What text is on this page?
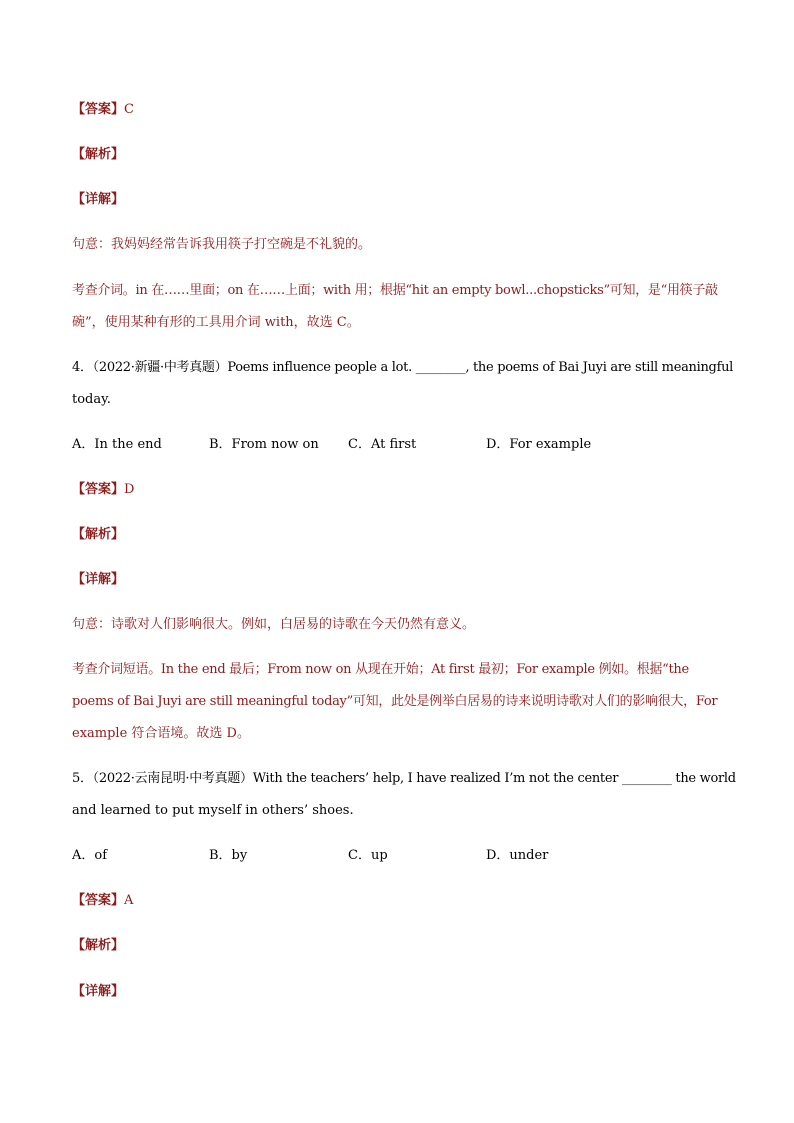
【答案】C
【解析】
【详解】
句意：我妈妈经常告诉我用筷子打空碗是不礼貌的。
考查介词。in 在……里面；on 在……上面；with 用；根据“hit an empty bowl...chopsticks”可知，是“用筷子敲
碗”，使用某种有形的工具用介词 with，故选 C。
4．（2022·新疆·中考真题）Poems influence people a lot. ________, the poems of Bai Juyi are still meaningful
today.
A．In the end	B．From now on C．At first	D．For example
【答案】D
【解析】
【详解】
句意：诗歌对人们影响很大。例如，白居易的诗歌在今天仍然有意义。
考查介词短语。In the end 最后；From now on 从现在开始；At first 最初；For example 例如。根据“the
poems of Bai Juyi are still meaningful today”可知，此处是例举白居易的诗来说明诗歌对人们的影响很大，For
example 符合语境。故选 D。
5．（2022·云南昆明·中考真题）With the teachers’ help, I have realized I’m not the center ________ the world
and learned to put myself in others’ shoes.
A．of	B．by	C．up	D．under
【答案】A
【解析】
【详解】
